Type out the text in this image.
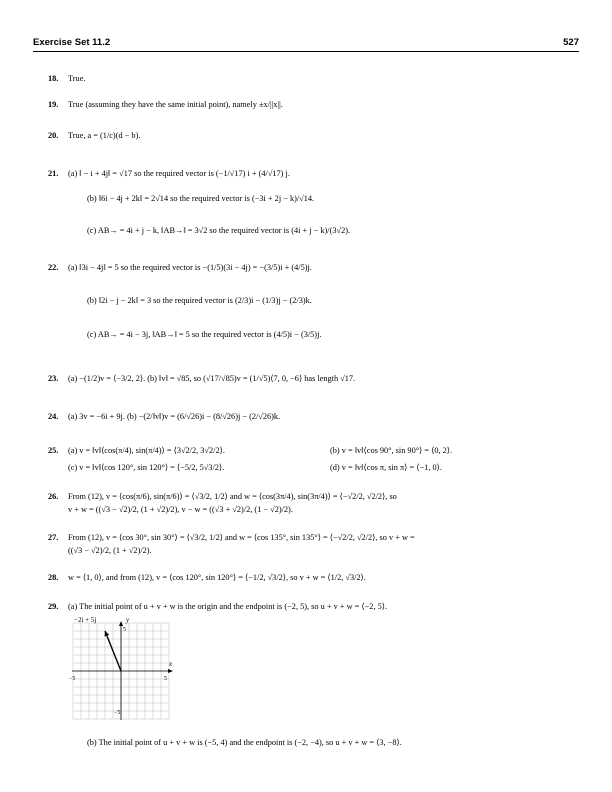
Exercise Set 11.2	527
18. True.
19. True (assuming they have the same initial point), namely ±x/||x||.
20. True, a = (1/c)(d − b).
21. (a) ‖ − i + 4j‖ = √17 so the required vector is (−1/√17) i + (4/√17) j.
(b) ‖6i − 4j + 2k‖ = 2√14 so the required vector is (−3i + 2j − k)/√14.
(c) AB→ = 4i + j − k, ‖AB→‖ = 3√2 so the required vector is (4i + j − k)/(3√2).
22. (a) ‖3i − 4j‖ = 5 so the required vector is −(1/5)(3i − 4j) = −(3/5)i + (4/5)j.
(b) ‖2i − j − 2k‖ = 3 so the required vector is (2/3)i − (1/3)j − (2/3)k.
(c) AB→ = 4i − 3j, ‖AB→‖ = 5 so the required vector is (4/5)i − (3/5)j.
23. (a) −(1/2)v = ⟨−3/2, 2⟩. (b) ‖v‖ = √85, so (√17/√85)v = (1/√5)⟨7, 0, −6⟩ has length √17.
24. (a) 3v = −6i + 9j. (b) −(2/‖v‖)v = (6/√26)i − (8/√26)j − (2/√26)k.
25. (a) v = ‖v‖⟨cos(π/4), sin(π/4)⟩ = ⟨3√2/2, 3√2/2⟩.	(b) v = ‖v‖⟨cos 90°, sin 90°⟩ = ⟨0, 2⟩.
(c) v = ‖v‖⟨cos 120°, sin 120°⟩ = ⟨−5/2, 5√3/2⟩.	(d) v = ‖v‖⟨cos π, sin π⟩ = ⟨−1, 0⟩.
26. From (12), v = ⟨cos(π/6), sin(π/6)⟩ = ⟨√3/2, 1/2⟩ and w = ⟨cos(3π/4), sin(3π/4)⟩ = ⟨−√2/2, √2/2⟩, so
v + w = ((√3 − √2)/2, (1 + √2)/2), v − w = ((√3 + √2)/2, (1 − √2)/2).
27. From (12), v = ⟨cos 30°, sin 30°⟩ = ⟨√3/2, 1/2⟩ and w = ⟨cos 135°, sin 135°⟩ = ⟨−√2/2, √2/2⟩, so v + w =
((√3 − √2)/2, (1 + √2)/2).
28. w = ⟨1, 0⟩, and from (12), v = ⟨cos 120°, sin 120°⟩ = ⟨−1/2, √3/2⟩, so v + w = ⟨1/2, √3/2⟩.
29. (a) The initial point of u + v + w is the origin and the endpoint is (−2, 5), so u + v + w = ⟨−2, 5⟩.
−2i + 5j	y
x
5
−5
−5	5
(b) The initial point of u + v + w is (−5, 4) and the endpoint is (−2, −4), so u + v + w = ⟨3, −8⟩.
